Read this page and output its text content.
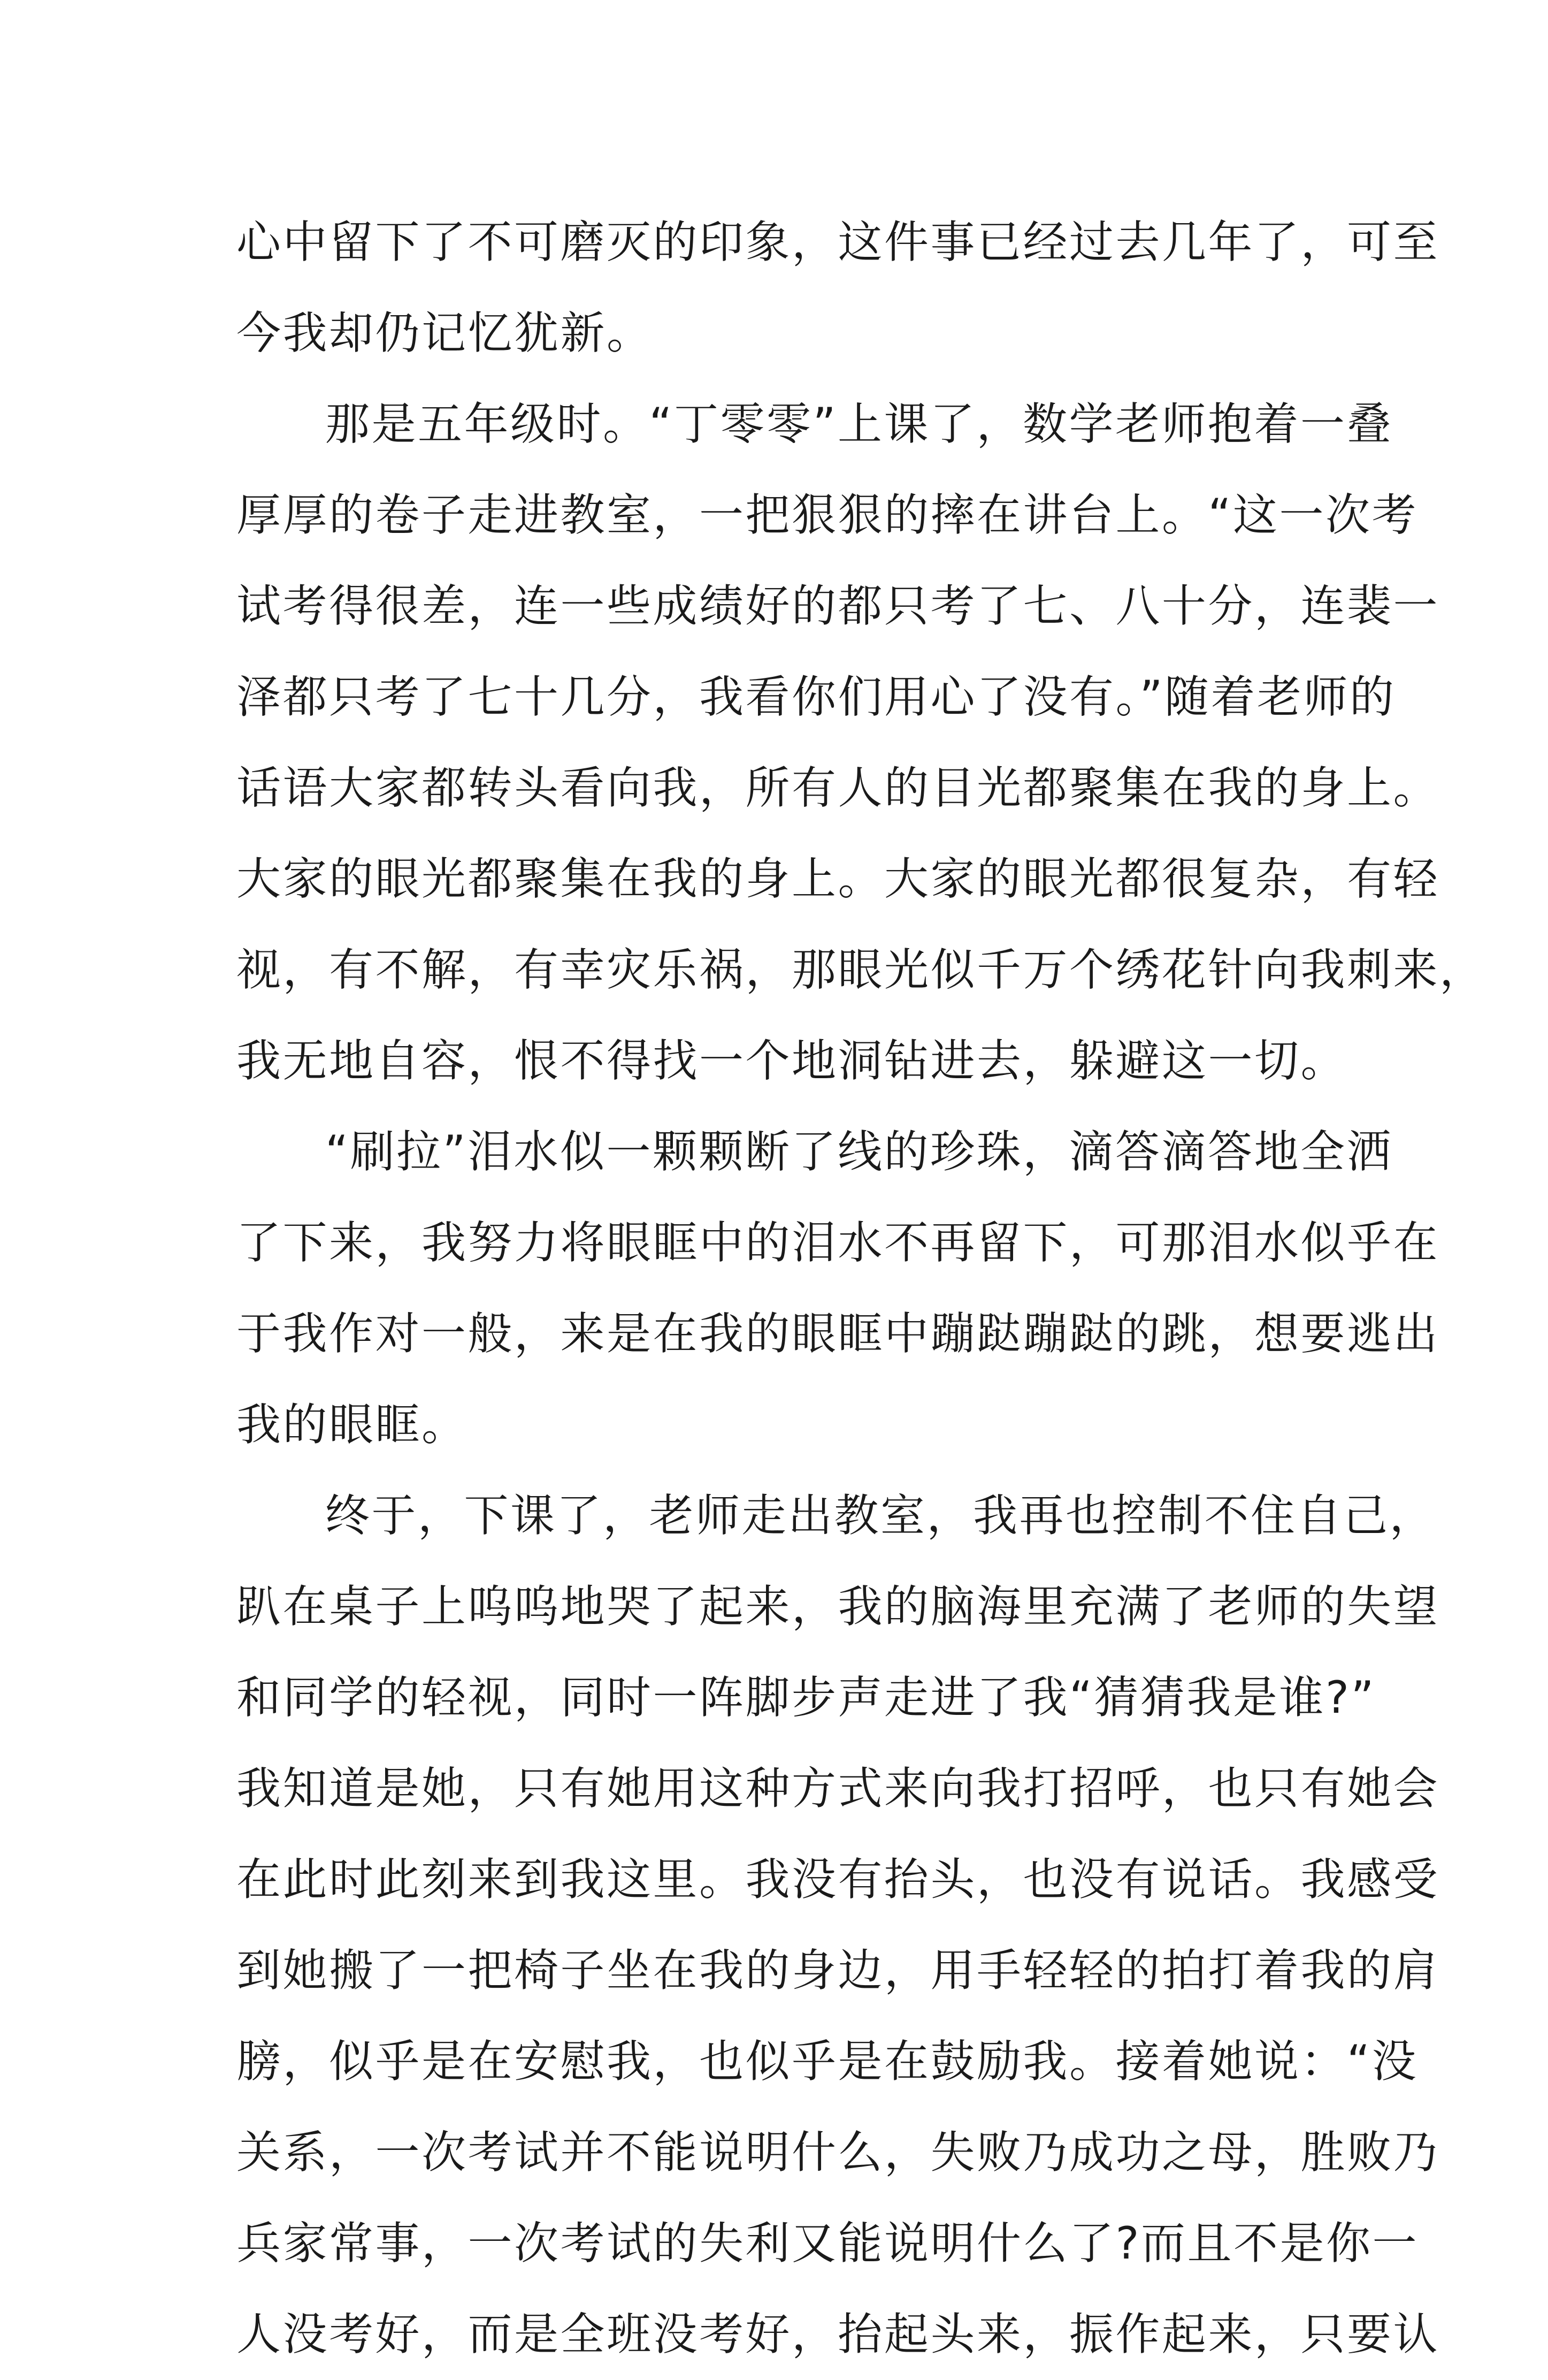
心中留下了不可磨灭的印象，这件事已经过去几年了，可至
今我却仍记忆犹新。
那是五年级时。“丁零零”上课了，数学老师抱着一叠
厚厚的卷子走进教室，一把狠狠的摔在讲台上。“这一次考
试考得很差，连一些成绩好的都只考了七、八十分，连裴一
泽都只考了七十几分，我看你们用心了没有。”随着老师的
话语大家都转头看向我，所有人的目光都聚集在我的身上。
大家的眼光都聚集在我的身上。大家的眼光都很复杂，有轻
视，有不解，有幸灾乐祸，那眼光似千万个绣花针向我刺来，
我无地自容，恨不得找一个地洞钻进去，躲避这一切。
“刷拉”泪水似一颗颗断了线的珍珠，滴答滴答地全洒
了下来，我努力将眼眶中的泪水不再留下，可那泪水似乎在
于我作对一般，来是在我的眼眶中蹦跶蹦跶的跳，想要逃出
我的眼眶。
终于，下课了，老师走出教室，我再也控制不住自己，
趴在桌子上呜呜地哭了起来，我的脑海里充满了老师的失望
和同学的轻视，同时一阵脚步声走进了我“猜猜我是谁?”
我知道是她，只有她用这种方式来向我打招呼，也只有她会
在此时此刻来到我这里。我没有抬头，也没有说话。我感受
到她搬了一把椅子坐在我的身边，用手轻轻的拍打着我的肩
膀，似乎是在安慰我，也似乎是在鼓励我。接着她说：“没
关系，一次考试并不能说明什么，失败乃成功之母，胜败乃
兵家常事，一次考试的失利又能说明什么了?而且不是你一
人没考好，而是全班没考好，抬起头来，振作起来，只要认
